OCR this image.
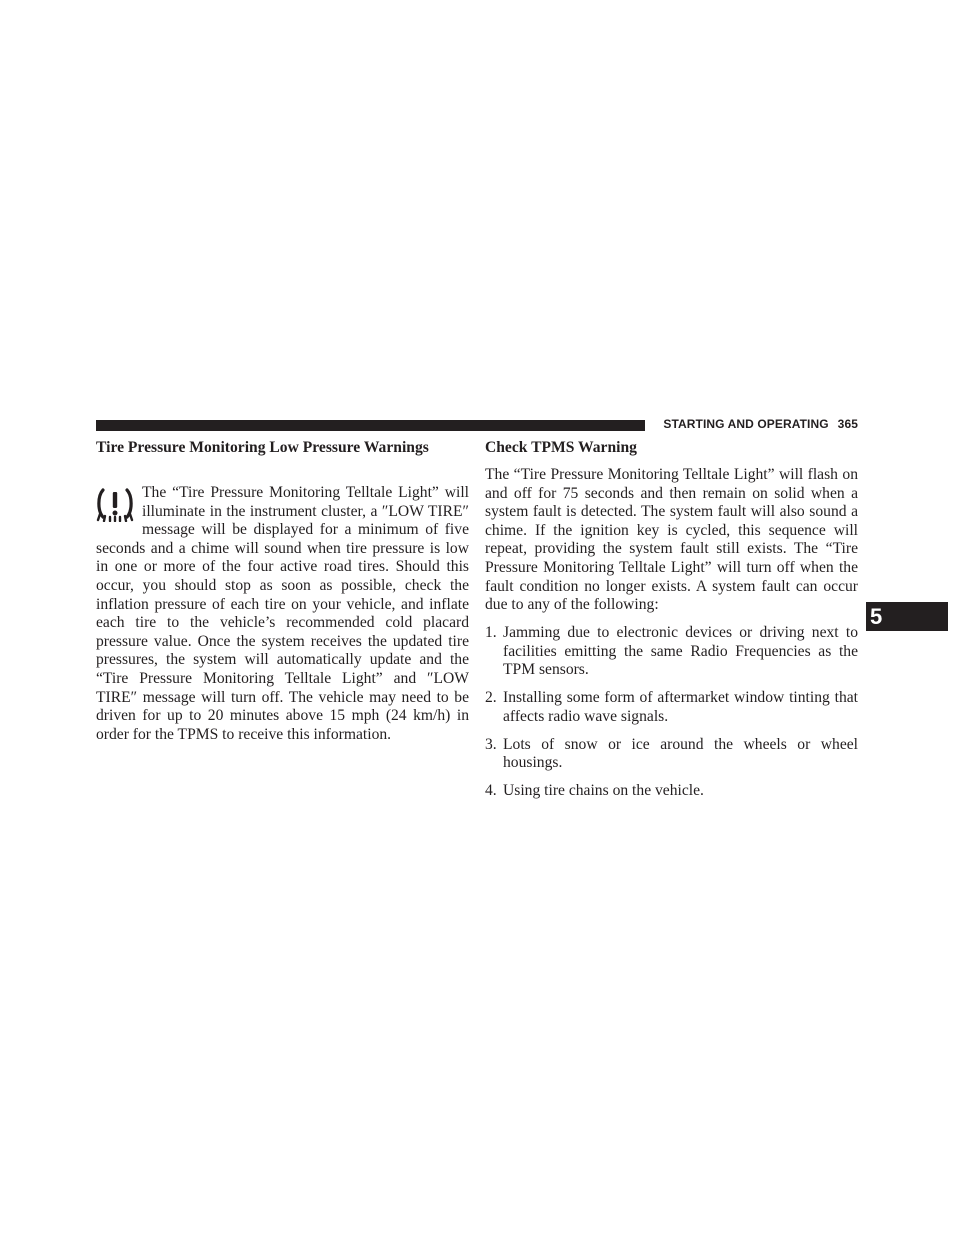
STARTING AND OPERATING 365
Tire Pressure Monitoring Low Pressure Warnings

The “Tire Pressure Monitoring Telltale Light” will illuminate in the instrument cluster, a ″LOW TIRE″ message will be displayed for a minimum of five seconds and a chime will sound when tire pressure is low in one or more of the four active road tires. Should this occur, you should stop as soon as possible, check the inflation pressure of each tire on your vehicle, and inflate each tire to the vehicle’s recommended cold placard pressure value. Once the system receives the updated tire pressures, the system will automatically update and the “Tire Pressure Monitoring Telltale Light” and ″LOW TIRE″ message will turn off. The vehicle may need to be driven for up to 20 minutes above 15 mph (24 km/h) in order for the TPMS to receive this information.

Check TPMS Warning

The “Tire Pressure Monitoring Telltale Light” will flash on and off for 75 seconds and then remain on solid when a system fault is detected. The system fault will also sound a chime. If the ignition key is cycled, this sequence will repeat, providing the system fault still exists. The “Tire Pressure Monitoring Telltale Light” will turn off when the fault condition no longer exists. A system fault can occur due to any of the following:

1. Jamming due to electronic devices or driving next to facilities emitting the same Radio Frequencies as the TPM sensors.
2. Installing some form of aftermarket window tinting that affects radio wave signals.
3. Lots of snow or ice around the wheels or wheel housings.
4. Using tire chains on the vehicle.
5
